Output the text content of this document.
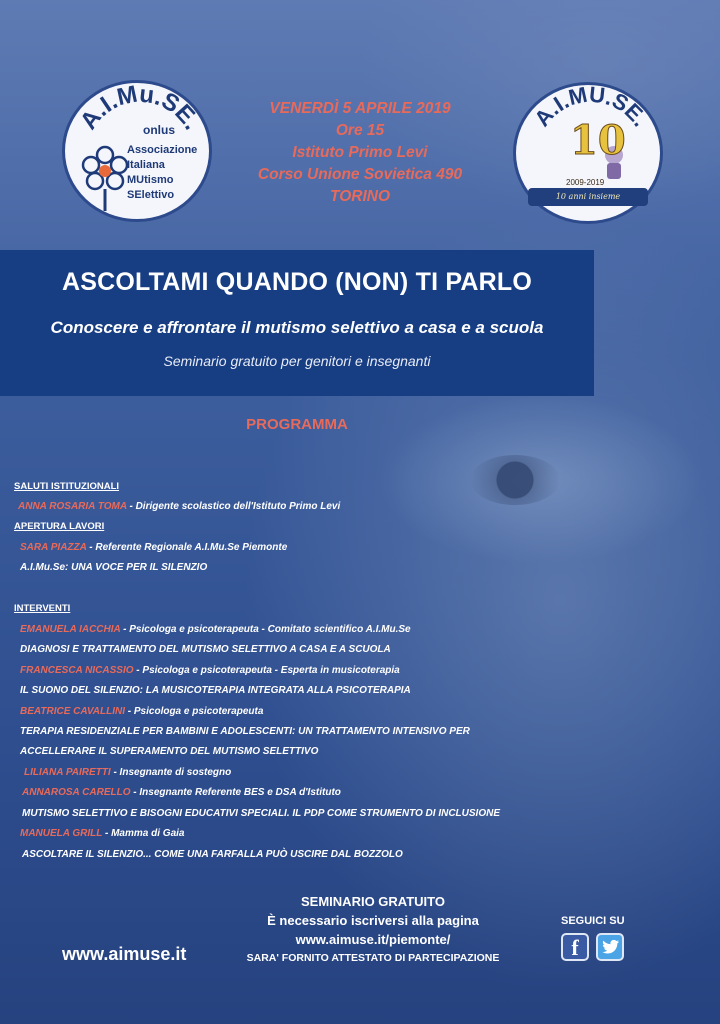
A.I.Mu.SE.
onlus
Associazione
Italiana
MUtismo
SElettivo
A.I.MU.SE.
10
2009-2019
10 anni insieme
VENERDÌ 5 APRILE 2019
Ore 15
Istituto Primo Levi
Corso Unione Sovietica 490
TORINO
ASCOLTAMI QUANDO (NON) TI PARLO
Conoscere e affrontare il mutismo selettivo a casa e a scuola
Seminario gratuito per genitori e insegnanti
PROGRAMMA
SALUTI ISTITUZIONALI
ANNA ROSARIA TOMA - Dirigente scolastico dell'Istituto Primo Levi
APERTURA LAVORI
SARA PIAZZA - Referente Regionale A.I.Mu.Se Piemonte
A.I.Mu.Se: UNA VOCE PER IL SILENZIO
INTERVENTI
EMANUELA IACCHIA - Psicologa e psicoterapeuta - Comitato scientifico A.I.Mu.Se
DIAGNOSI E TRATTAMENTO DEL MUTISMO SELETTIVO A CASA E A SCUOLA
FRANCESCA NICASSIO - Psicologa e psicoterapeuta - Esperta in musicoterapia
IL SUONO DEL SILENZIO: LA MUSICOTERAPIA INTEGRATA ALLA PSICOTERAPIA
BEATRICE CAVALLINI - Psicologa e psicoterapeuta
TERAPIA RESIDENZIALE PER BAMBINI E ADOLESCENTI: UN TRATTAMENTO INTENSIVO PER
ACCELLERARE IL SUPERAMENTO DEL MUTISMO SELETTIVO
LILIANA PAIRETTI - Insegnante di sostegno
ANNAROSA CARELLO - Insegnante Referente BES e DSA d'Istituto
MUTISMO SELETTIVO E BISOGNI EDUCATIVI SPECIALI. IL PDP COME STRUMENTO DI INCLUSIONE
MANUELA GRILL - Mamma di Gaia
ASCOLTARE IL SILENZIO... COME UNA FARFALLA PUÒ USCIRE DAL BOZZOLO
SEMINARIO GRATUITO
È necessario iscriversi alla pagina
www.aimuse.it/piemonte/
SARA' FORNITO ATTESTATO DI PARTECIPAZIONE
www.aimuse.it
SEGUICI SU
f
